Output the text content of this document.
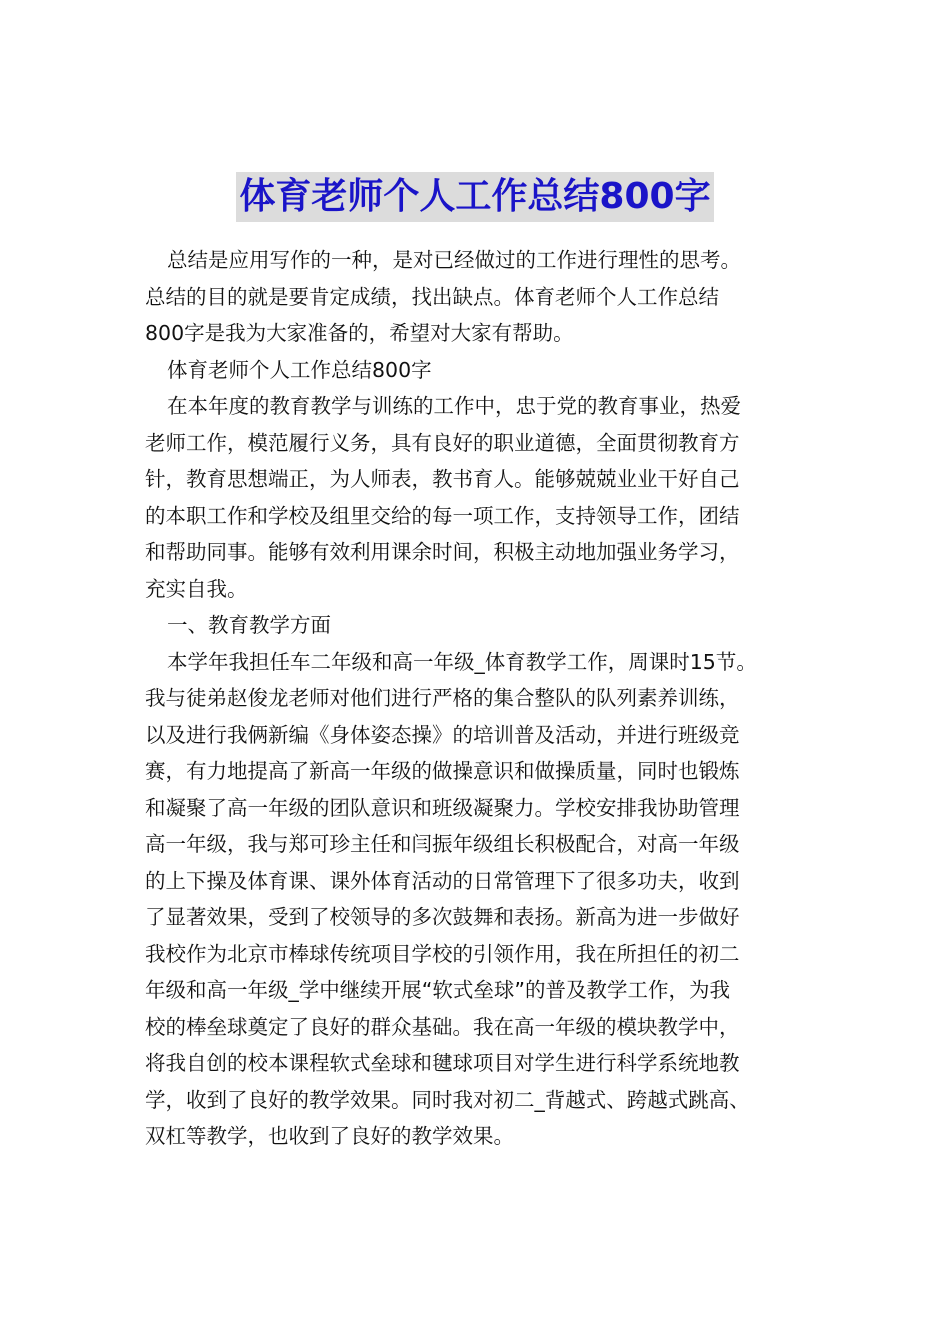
体育老师个人工作总结800字
总结是应用写作的一种，是对已经做过的工作进行理性的思考。
总结的目的就是要肯定成绩，找出缺点。体育老师个人工作总结
800字是我为大家准备的，希望对大家有帮助。
体育老师个人工作总结800字
在本年度的教育教学与训练的工作中，忠于党的教育事业，热爱
老师工作，模范履行义务，具有良好的职业道德，全面贯彻教育方
针，教育思想端正，为人师表，教书育人。能够兢兢业业干好自己
的本职工作和学校及组里交给的每一项工作，支持领导工作，团结
和帮助同事。能够有效利用课余时间，积极主动地加强业务学习，
充实自我。
一、教育教学方面
本学年我担任车二年级和高一年级_体育教学工作，周课时15节。
我与徒弟赵俊龙老师对他们进行严格的集合整队的队列素养训练，
以及进行我俩新编《身体姿态操》的培训普及活动，并进行班级竞
赛，有力地提高了新高一年级的做操意识和做操质量，同时也锻炼
和凝聚了高一年级的团队意识和班级凝聚力。学校安排我协助管理
高一年级，我与郑可珍主任和闫振年级组长积极配合，对高一年级
的上下操及体育课、课外体育活动的日常管理下了很多功夫，收到
了显著效果，受到了校领导的多次鼓舞和表扬。新高为进一步做好
我校作为北京市棒球传统项目学校的引领作用，我在所担任的初二
年级和高一年级_学中继续开展“软式垒球”的普及教学工作，为我
校的棒垒球奠定了良好的群众基础。我在高一年级的模块教学中，
将我自创的校本课程软式垒球和毽球项目对学生进行科学系统地教
学，收到了良好的教学效果。同时我对初二_背越式、跨越式跳高、
双杠等教学，也收到了良好的教学效果。
